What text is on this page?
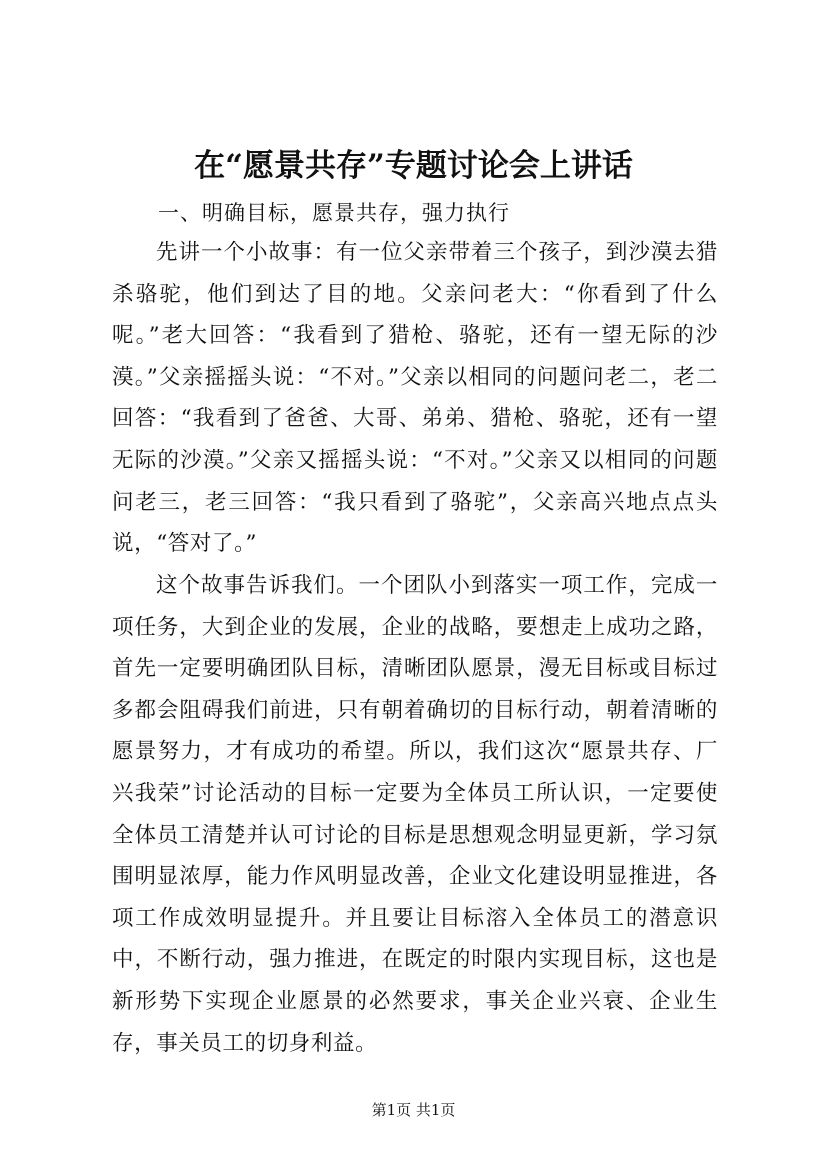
在“愿景共存”专题讨论会上讲话
一、明确目标，愿景共存，强力执行

先讲一个小故事：有一位父亲带着三个孩子，到沙漠去猎杀骆驼，他们到达了目的地。父亲问老大：“你看到了什么呢。”老大回答：“我看到了猎枪、骆驼，还有一望无际的沙漠。”父亲摇摇头说：“不对。”父亲以相同的问题问老二，老二回答：“我看到了爸爸、大哥、弟弟、猎枪、骆驼，还有一望无际的沙漠。”父亲又摇摇头说：“不对。”父亲又以相同的问题问老三，老三回答：“我只看到了骆驼”，父亲高兴地点点头说，“答对了。”

这个故事告诉我们。一个团队小到落实一项工作，完成一项任务，大到企业的发展，企业的战略，要想走上成功之路，首先一定要明确团队目标，清晰团队愿景，漫无目标或目标过多都会阻碍我们前进，只有朝着确切的目标行动，朝着清晰的愿景努力，才有成功的希望。所以，我们这次“愿景共存、厂兴我荣”讨论活动的目标一定要为全体员工所认识，一定要使全体员工清楚并认可讨论的目标是思想观念明显更新，学习氛围明显浓厚，能力作风明显改善，企业文化建设明显推进，各项工作成效明显提升。并且要让目标溶入全体员工的潜意识中，不断行动，强力推进，在既定的时限内实现目标，这也是新形势下实现企业愿景的必然要求，事关企业兴衰、企业生存，事关员工的切身利益。

第1页 共1页
